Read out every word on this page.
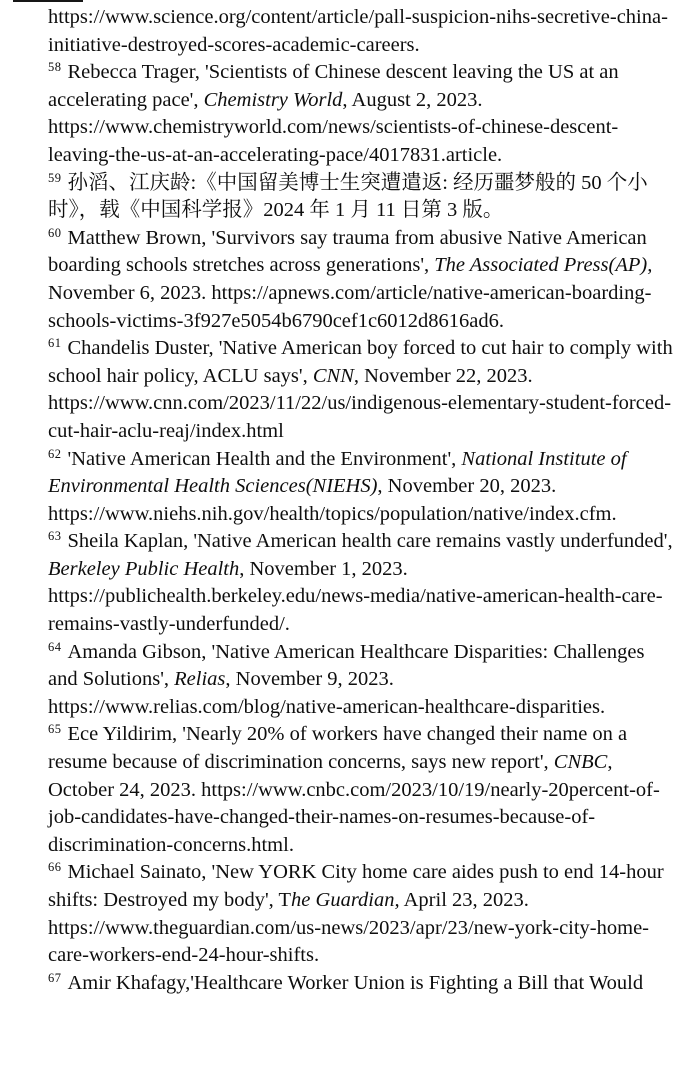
https://www.science.org/content/article/pall-suspicion-nihs-secretive-china-initiative-destroyed-scores-academic-careers.

$^{58}$ Rebecca Trager, 'Scientists of Chinese descent leaving the US at an accelerating pace', Chemistry World, August 2, 2023. https://www.chemistryworld.com/news/scientists-of-chinese-descent-leaving-the-us-at-an-accelerating-pace/4017831.article.

$^{59}$ 孙滔、江庆龄:《中国留美博士生突遭遣返: 经历噩梦般的 50 个小时》，载《中国科学报》2024 年 1 月 11 日第 3 版。

$^{60}$ Matthew Brown, 'Survivors say trauma from abusive Native American boarding schools stretches across generations', The Associated Press(AP), November 6, 2023. https://apnews.com/article/native-american-boarding-schools-victims-3f927e5054b6790cef1c6012d8616ad6.

$^{61}$ Chandelis Duster, 'Native American boy forced to cut hair to comply with school hair policy, ACLU says', CNN, November 22, 2023. https://www.cnn.com/2023/11/22/us/indigenous-elementary-student-forced-cut-hair-aclu-reaj/index.html

$^{62}$ 'Native American Health and the Environment', National Institute of Environmental Health Sciences(NIEHS), November 20, 2023. https://www.niehs.nih.gov/health/topics/population/native/index.cfm.

$^{63}$ Sheila Kaplan, 'Native American health care remains vastly underfunded', Berkeley Public Health, November 1, 2023. https://publichealth.berkeley.edu/news-media/native-american-health-care-remains-vastly-underfunded/.

$^{64}$ Amanda Gibson, 'Native American Healthcare Disparities: Challenges and Solutions', Relias, November 9, 2023. https://www.relias.com/blog/native-american-healthcare-disparities.

$^{65}$ Ece Yildirim, 'Nearly 20% of workers have changed their name on a resume because of discrimination concerns, says new report', CNBC, October 24, 2023. https://www.cnbc.com/2023/10/19/nearly-20percent-of-job-candidates-have-changed-their-names-on-resumes-because-of-discrimination-concerns.html.

$^{66}$ Michael Sainato, 'New YORK City home care aides push to end 14-hour shifts: Destroyed my body', The Guardian, April 23, 2023. https://www.theguardian.com/us-news/2023/apr/23/new-york-city-home-care-workers-end-24-hour-shifts.

$^{67}$ Amir Khafagy,'Healthcare Worker Union is Fighting a Bill that Would
